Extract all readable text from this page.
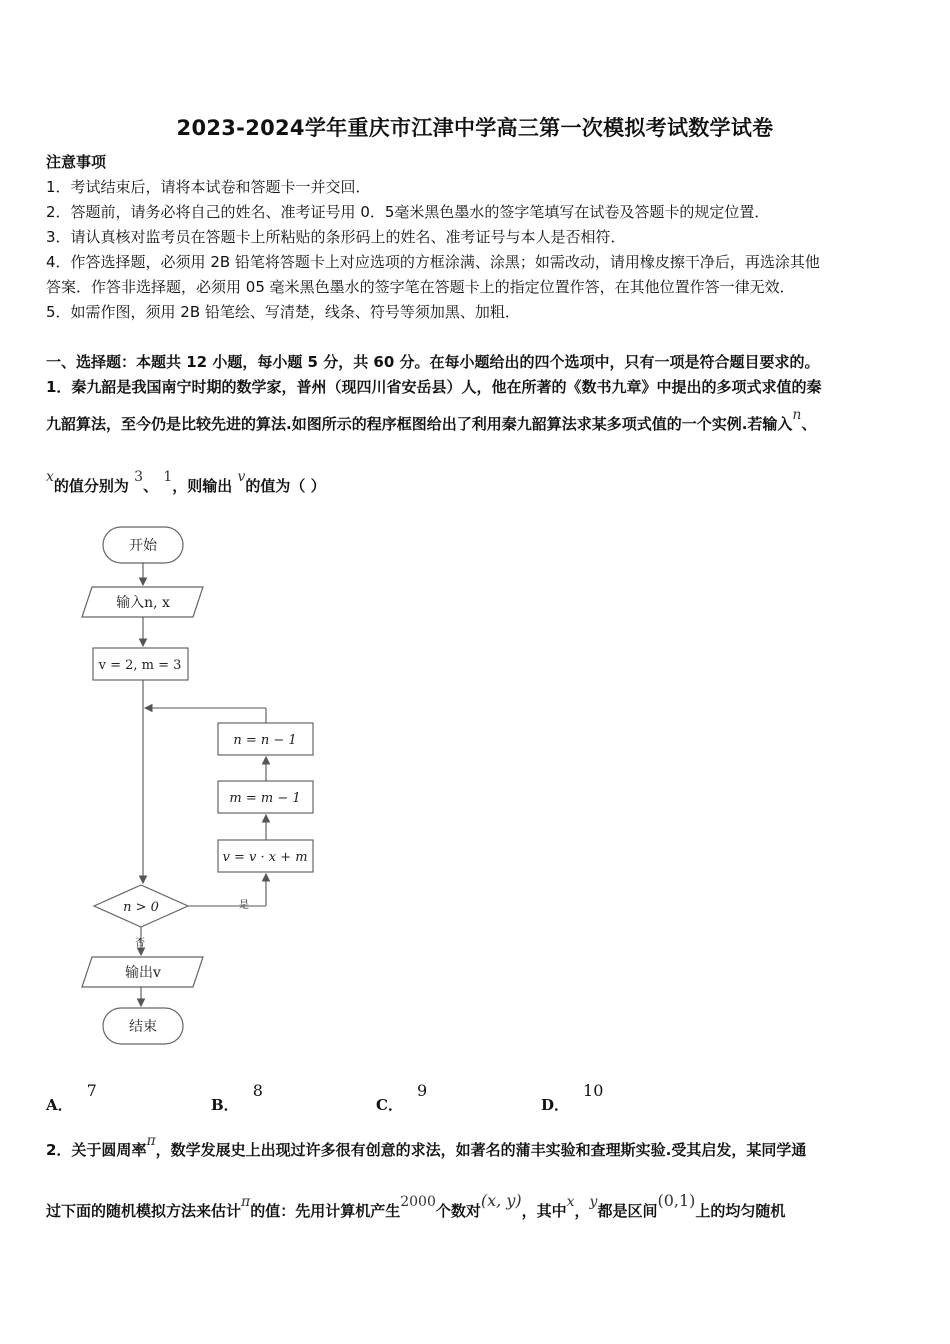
2023-2024学年重庆市江津中学高三第一次模拟考试数学试卷
注意事项
1．考试结束后，请将本试卷和答题卡一并交回．
2．答题前，请务必将自己的姓名、准考证号用 0．5毫米黑色墨水的签字笔填写在试卷及答题卡的规定位置．
3．请认真核对监考员在答题卡上所粘贴的条形码上的姓名、准考证号与本人是否相符．
4．作答选择题，必须用 2B 铅笔将答题卡上对应选项的方框涂满、涂黑；如需改动，请用橡皮擦干净后，再选涂其他
答案．作答非选择题，必须用 05 毫米黑色墨水的签字笔在答题卡上的指定位置作答，在其他位置作答一律无效．
5．如需作图，须用 2B 铅笔绘、写清楚，线条、符号等须加黑、加粗．
一、选择题：本题共 12 小题，每小题 5 分，共 60 分。在每小题给出的四个选项中，只有一项是符合题目要求的。
1．秦九韶是我国南宁时期的数学家，普州（现四川省安岳县）人，他在所著的《数书九章》中提出的多项式求值的秦
九韶算法，至今仍是比较先进的算法.如图所示的程序框图给出了利用秦九韶算法求某多项式值的一个实例.若输入n、
x的值分别为 3、 1，则输出 v的值为（ ）
开始
输入n, x
v = 2, m = 3
n = n − 1
m = m − 1
v = v · x + m
n > 0	是
否
输出v
结束
A．7
B．8
C．9
D．10
2．关于圆周率π，数学发展史上出现过许多很有创意的求法，如著名的蒲丰实验和查理斯实验.受其启发，某同学通
过下面的随机模拟方法来估计π的值：先用计算机产生2000个数对(x, y)，其中x，y都是区间(0,1)上的均匀随机
